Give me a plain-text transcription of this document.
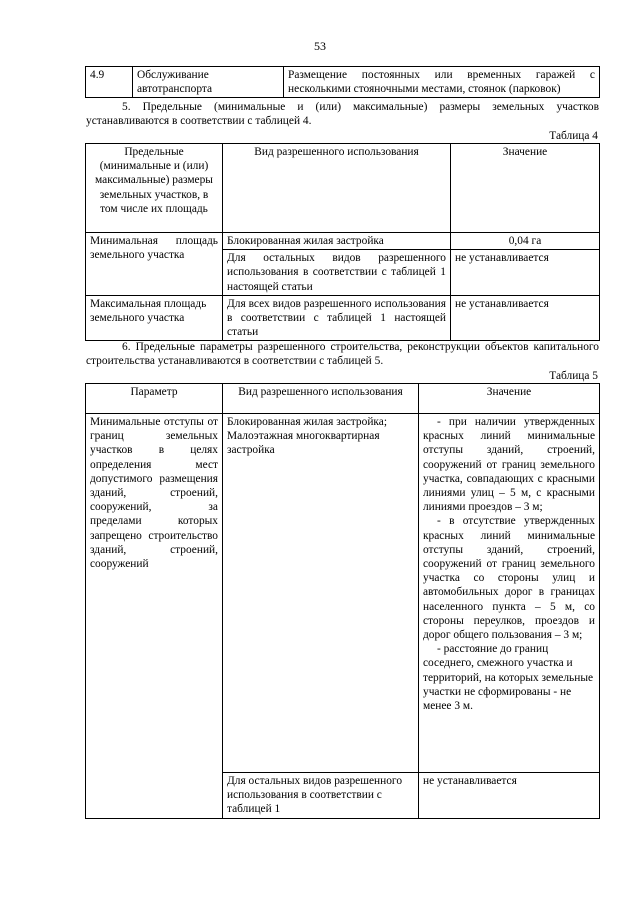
53
4.9	Обслуживание автотранспорта	Размещение постоянных или временных гаражей с несколькими стояночными местами, стоянок (парковок)
5. Предельные (минимальные и (или) максимальные) размеры земельных участков устанавливаются в соответствии с таблицей 4.
Таблица 4
Предельные (минимальные и (или) максимальные) размеры земельных участков, в том числе их площадь	Вид разрешенного использования	Значение
Минимальная площадь земельного участка	Блокированная жилая застройка	0,04 га
	Для остальных видов разрешенного использования в соответствии с таблицей 1 настоящей статьи	не устанавливается
Максимальная площадь земельного участка	Для всех видов разрешенного использования в соответствии с таблицей 1 настоящей статьи	не устанавливается
6. Предельные параметры разрешенного строительства, реконструкции объектов капитального строительства устанавливаются в соответствии с таблицей 5.
Таблица 5
Параметр	Вид разрешенного использования	Значение
Минимальные отступы от границ земельных участков в целях определения мест допустимого размещения зданий, строений, сооружений, за пределами которых запрещено строительство зданий, строений, сооружений	Блокированная жилая застройка; Малоэтажная многоквартирная застройка	- при наличии утвержденных красных линий минимальные отступы зданий, строений, сооружений от границ земельного участка, совпадающих с красными линиями улиц – 5 м, с красными линиями проездов – 3 м;
- в отсутствие утвержденных красных линий минимальные отступы зданий, строений, сооружений от границ земельного участка со стороны улиц и автомобильных дорог в границах населенного пункта – 5 м, со стороны переулков, проездов и дорог общего пользования – 3 м;
- расстояние до границ соседнего, смежного участка и территорий, на которых земельные участки не сформированы - не менее 3 м.

	Для остальных видов разрешенного использования в соответствии с таблицей 1	не устанавливается
